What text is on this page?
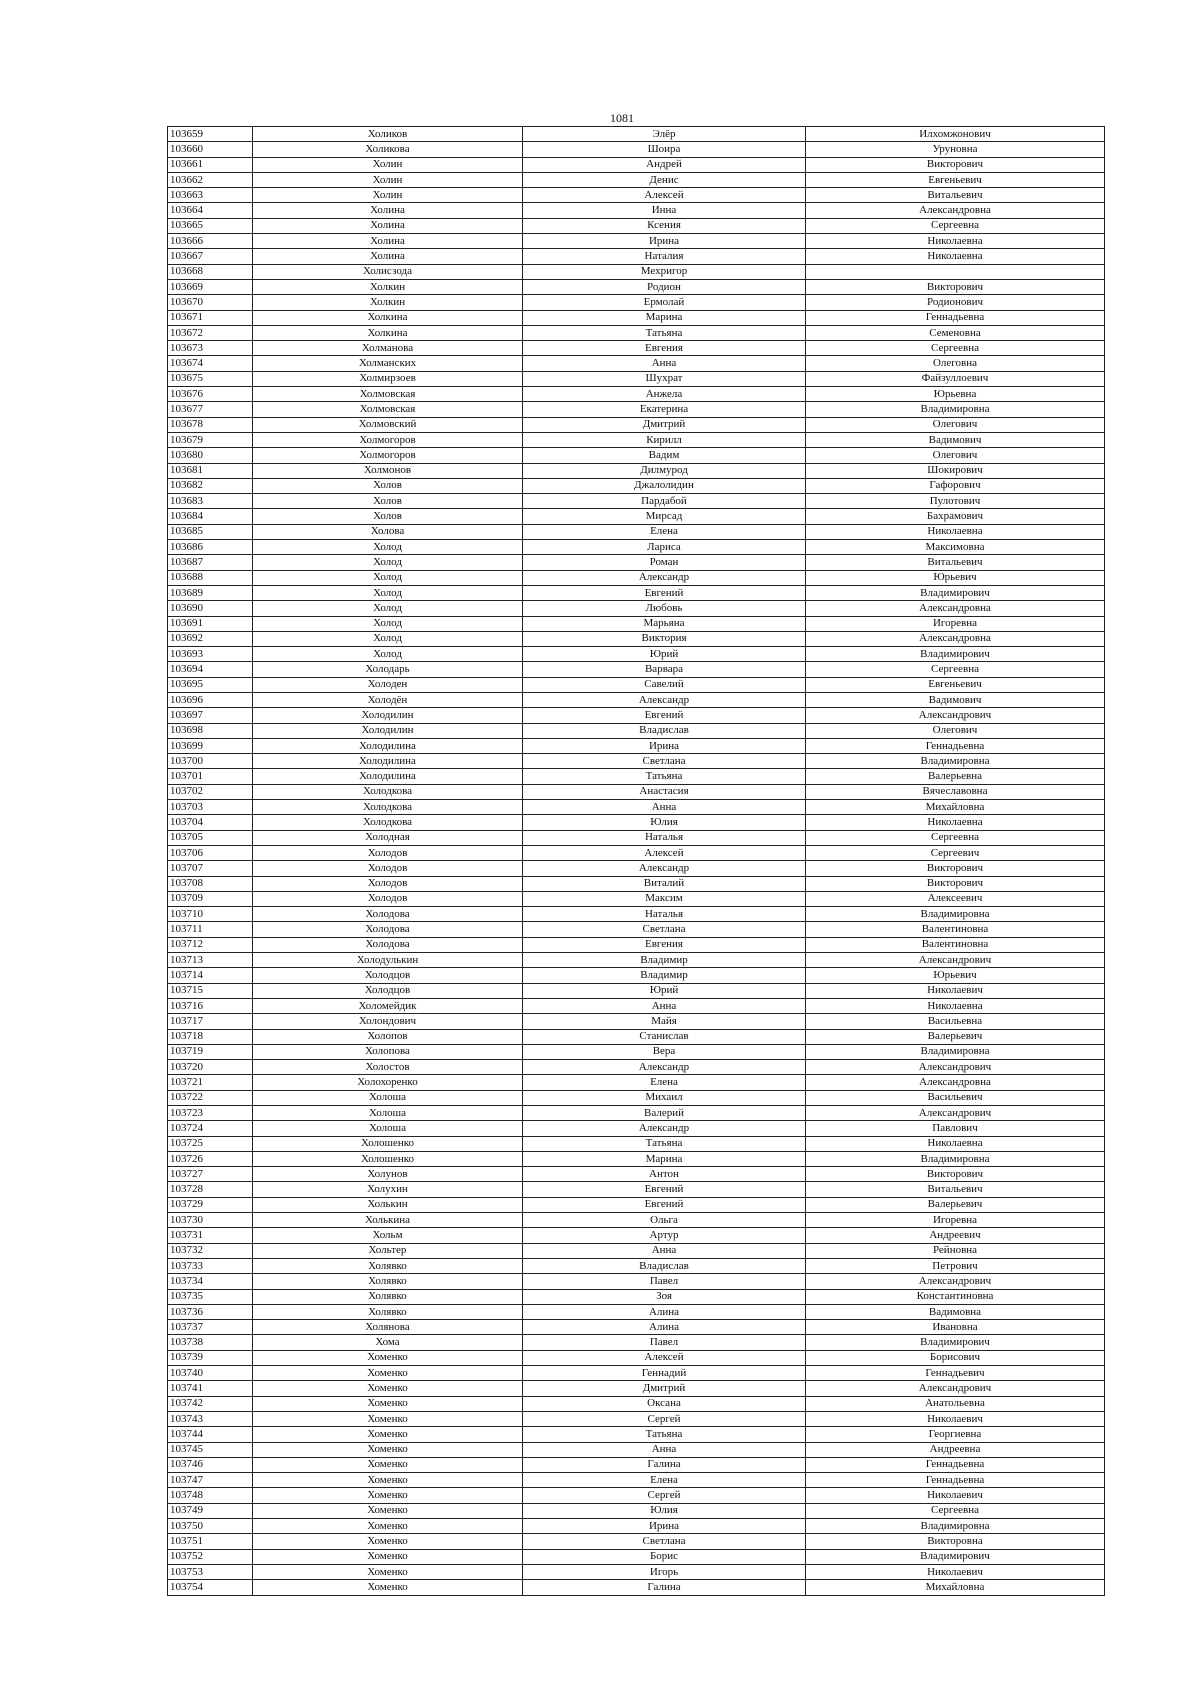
1081
103659	Холиков	Элёр	Илхомжонович
103660	Холикова	Шоира	Уруновна
103661	Холин	Андрей	Викторович
103662	Холин	Денис	Евгеньевич
103663	Холин	Алексей	Витальевич
103664	Холина	Инна	Александровна
103665	Холина	Ксения	Сергеевна
103666	Холина	Ирина	Николаевна
103667	Холина	Наталия	Николаевна
103668	Холисзода	Мехригор	
103669	Холкин	Родион	Викторович
103670	Холкин	Ермолай	Родионович
103671	Холкина	Марина	Геннадьевна
103672	Холкина	Татьяна	Семеновна
103673	Холманова	Евгения	Сергеевна
103674	Холманских	Анна	Олеговна
103675	Холмирзоев	Шухрат	Файзуллоевич
103676	Холмовская	Анжела	Юрьевна
103677	Холмовская	Екатерина	Владимировна
103678	Холмовский	Дмитрий	Олегович
103679	Холмогоров	Кирилл	Вадимович
103680	Холмогоров	Вадим	Олегович
103681	Холмонов	Дилмурод	Шокирович
103682	Холов	Джалолидин	Гафорович
103683	Холов	Пардабой	Пулотович
103684	Холов	Мирсад	Бахрамович
103685	Холова	Елена	Николаевна
103686	Холод	Лариса	Максимовна
103687	Холод	Роман	Витальевич
103688	Холод	Александр	Юрьевич
103689	Холод	Евгений	Владимирович
103690	Холод	Любовь	Александровна
103691	Холод	Марьяна	Игоревна
103692	Холод	Виктория	Александровна
103693	Холод	Юрий	Владимирович
103694	Холодарь	Варвара	Сергеевна
103695	Холоден	Савелий	Евгеньевич
103696	Холодён	Александр	Вадимович
103697	Холодилин	Евгений	Александрович
103698	Холодилин	Владислав	Олегович
103699	Холодилина	Ирина	Геннадьевна
103700	Холодилина	Светлана	Владимировна
103701	Холодилина	Татьяна	Валерьевна
103702	Холодкова	Анастасия	Вячеславовна
103703	Холодкова	Анна	Михайловна
103704	Холодкова	Юлия	Николаевна
103705	Холодная	Наталья	Сергеевна
103706	Холодов	Алексей	Сергеевич
103707	Холодов	Александр	Викторович
103708	Холодов	Виталий	Викторович
103709	Холодов	Максим	Алексеевич
103710	Холодова	Наталья	Владимировна
103711	Холодова	Светлана	Валентиновна
103712	Холодова	Евгения	Валентиновна
103713	Холодулькин	Владимир	Александрович
103714	Холодцов	Владимир	Юрьевич
103715	Холодцов	Юрий	Николаевич
103716	Холомейдик	Анна	Николаевна
103717	Холондович	Майя	Васильевна
103718	Холопов	Станислав	Валерьевич
103719	Холопова	Вера	Владимировна
103720	Холостов	Александр	Александрович
103721	Холохоренко	Елена	Александровна
103722	Холоша	Михаил	Васильевич
103723	Холоша	Валерий	Александрович
103724	Холоша	Александр	Павлович
103725	Холошенко	Татьяна	Николаевна
103726	Холошенко	Марина	Владимировна
103727	Холунов	Антон	Викторович
103728	Холухин	Евгений	Витальевич
103729	Холькин	Евгений	Валерьевич
103730	Холькина	Ольга	Игоревна
103731	Хольм	Артур	Андреевич
103732	Хольтер	Анна	Рейновна
103733	Холявко	Владислав	Петрович
103734	Холявко	Павел	Александрович
103735	Холявко	Зоя	Константиновна
103736	Холявко	Алина	Вадимовна
103737	Холянова	Алина	Ивановна
103738	Хома	Павел	Владимирович
103739	Хоменко	Алексей	Борисович
103740	Хоменко	Геннадий	Геннадьевич
103741	Хоменко	Дмитрий	Александрович
103742	Хоменко	Оксана	Анатольевна
103743	Хоменко	Сергей	Николаевич
103744	Хоменко	Татьяна	Георгиевна
103745	Хоменко	Анна	Андреевна
103746	Хоменко	Галина	Геннадьевна
103747	Хоменко	Елена	Геннадьевна
103748	Хоменко	Сергей	Николаевич
103749	Хоменко	Юлия	Сергеевна
103750	Хоменко	Ирина	Владимировна
103751	Хоменко	Светлана	Викторовна
103752	Хоменко	Борис	Владимирович
103753	Хоменко	Игорь	Николаевич
103754	Хоменко	Галина	Михайловна
